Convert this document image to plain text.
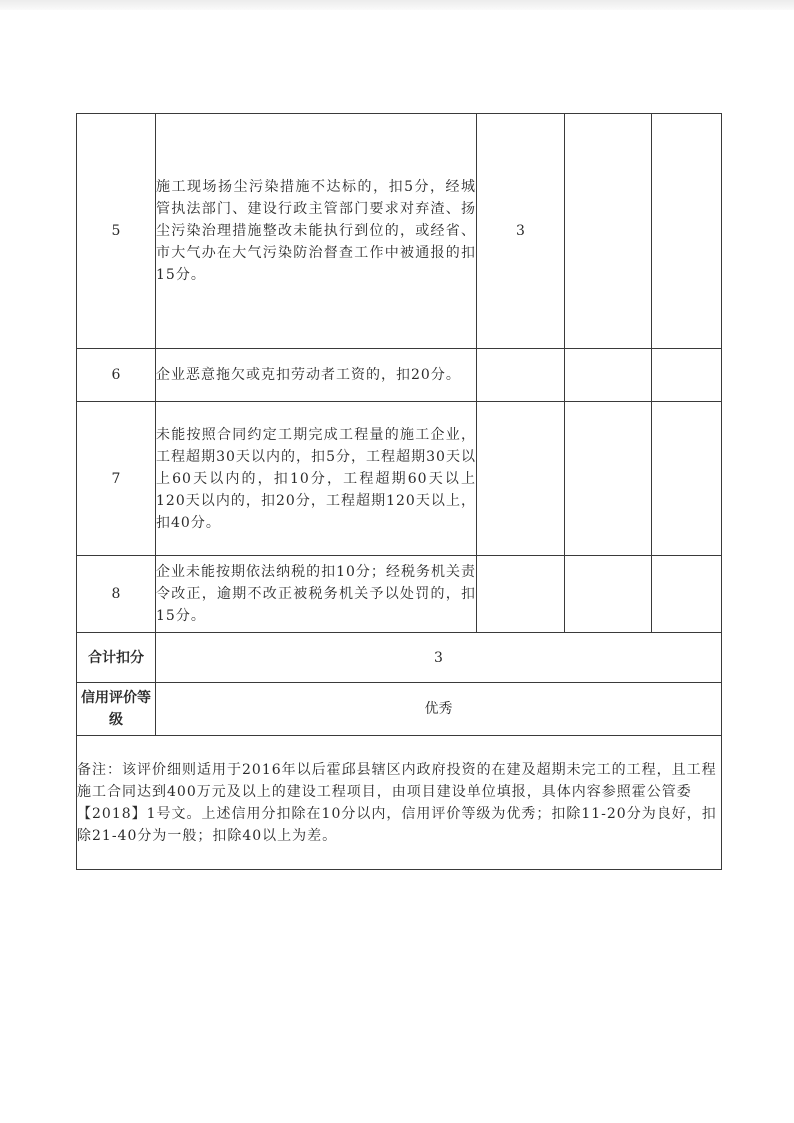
5	施工现场扬尘污染措施不达标的，扣5分，经城管执法部门、建设行政主管部门要求对弃渣、扬尘污染治理措施整改未能执行到位的，或经省、市大气办在大气污染防治督查工作中被通报的扣15分。	3		
6	企业恶意拖欠或克扣劳动者工资的，扣20分。			
7	未能按照合同约定工期完成工程量的施工企业，工程超期30天以内的，扣5分，工程超期30天以上60天以内的，扣10分，工程超期60天以上120天以内的，扣20分，工程超期120天以上，扣40分。			
8	企业未能按期依法纳税的扣10分；经税务机关责令改正，逾期不改正被税务机关予以处罚的，扣15分。			
合计扣分	3			
信用评价等级	优秀			
备注：该评价细则适用于2016年以后霍邱县辖区内政府投资的在建及超期未完工的工程，且工程施工合同达到400万元及以上的建设工程项目，由项目建设单位填报，具体内容参照霍公管委【2018】1号文。上述信用分扣除在10分以内，信用评价等级为优秀；扣除11-20分为良好，扣除21-40分为一般；扣除40以上为差。				
